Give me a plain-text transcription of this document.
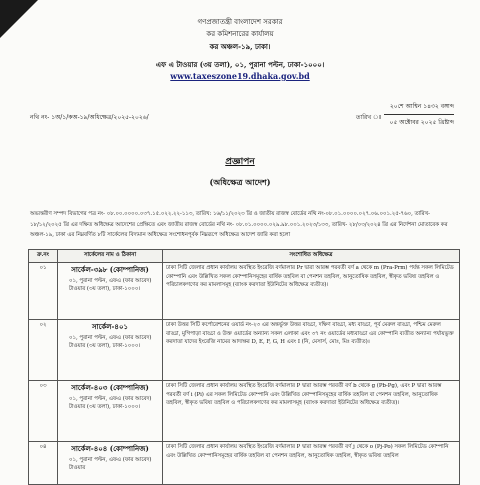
গণপ্রজাতন্ত্রী বাংলাদেশ সরকার
কর কমিশনারের কার্যালয়
কর অঞ্চল-১৯, ঢাকা।
এফ এ টাওয়ার (৩য় তলা), ০১, পুরানা পল্টন, ঢাকা-১০০০।
www.taxeszone19.dhaka.gov.bd
২০শে আশ্বিন ১৪৩২ বঙ্গাব্দ
০৫ অক্টোবর ২০২৫ খ্রিষ্টাব্দ
নথি নং- ১অ/১/কঅ-১৯/অধিক্ষেত্র/২০২৫-২০২৬/	তারিখ ঃ
প্রজ্ঞাপন
(অধিক্ষেত্র আদেশ)
অভ্যন্তরীণ সম্পদ বিভাগের পত্র নং- ০৮.০০.০০০০.০৩৭.১৫.০২২.২২-১১৩, তারিখ: ১৬/১১/২০২৩ খ্রি ও জাতীয় রাজস্ব বোর্ডের নথি নং-০৮.০১.০০০০.০২৭.০৬.০০১.২৫-৭৬০, তারিখ- ১৮/১২/২০২৫ খ্রি এর দক্ষিত অধিক্ষেত্র আদেশের প্রেক্ষিতে এবং জাতীয় রাজস্ব বোর্ডের নথি নং- ০৮.০১.০০০০.০২৯.৯৮.০০১.২০২৩/১৩৩, তারিখ- ২৮/০৩/২০২৪ খ্রি এর নির্দেশনা মোতাবেক কর অঞ্চল-১৯, ঢাকা এর নিম্নবর্ণিত ৮টি সার্কেলের বিদ্যমান অধিক্ষেত্র সংশোধনপূর্বক নিম্নরূপে অধিক্ষেত্র আদেশ জারি করা হলো
ক্র.নং	সার্কেলের নাম ও ঠিকানা	সংশোধিত অধিক্ষেত্র
০১	সার্কেল-৩৯৮ (কোম্পানিজ)
০১, পুরানা পল্টন, এফএ (ফার আবেদ) টাওয়ার (৩য় তলা), ঢাকা-১০০০।	ঢাকা সিটি জেলার প্রধান কার্যালয় অবস্থিত ইংরেজি বর্ণমালার Pr দ্বারা আরম্ভ পরবর্তী বর্ণ a থেকে m (Pra-Prm) পর্যন্ত সকল লিমিটেড কোম্পানি এবং উল্লিখিত সকল কোম্পানিসমূহের বার্ষিক তহবিল বা পেনশন তহবিল, আনুতোষিক তহবিল, স্বীকৃত ভবিষ্য তহবিল ও পরিচালকগণের কর মামলাসমূহ (ব্যাংক করদাতা ইউনিটের অধিক্ষেত্র ব্যতীত)।
০২	সার্কেল-৪০১
০১, পুরানা পল্টন, এফএ (ফার আবেদ) টাওয়ার (৩য় তলা), ঢাকা-১০০০।	ঢাকা উত্তর সিটি কর্পোরেশনের ওয়ার্ড নং-২৩ এর অন্তর্ভুক্ত উত্তর বাড্ডা, দক্ষিণ বাড্ডা, মধ্য বাড্ডা, পূর্ব মেরুল বাড্ডা, পশ্চিম মেরুল বাড্ডা, মুগিপাড়া বাড্ডা ও উক্ত ওয়ার্ডের অন্যান্য সকল এলাকা এবং ৩৭ নং ওয়ার্ডের মধ্যবাড্ডা এর কোম্পানি ব্যতীত অন্যান্য পর্যায়ভুক্ত করদাতা যাদের ইংরেজি নামের আদ্যক্ষর D, E, F, G, H এবং I (নি, মেসার্স, মোঃ, মিঃ ব্যতীত)।
০৩	সার্কেল-৪০৩ (কোম্পানিজ)
০১, পুরানা পল্টন, এফএ (ফার আবেদ) টাওয়ার (৩য় তলা), ঢাকা-১০০০।	ঢাকা সিটি জেলার প্রধান কার্যালয় অবস্থিত ইংরেজি বর্ণমালার P দ্বারা আরম্ভ পরবর্তী বর্ণ b থেকে g (Pb-Pg), এবং P দ্বারা আরম্ভ পরবর্তী বর্ণ i (Pi) এর সকল লিমিটেড কোম্পানি এবং উল্লিখিত কোম্পানিসমূহের বার্ষিক তহবিল বা পেনশন তহবিল, আনুতোষিক তহবিল, স্বীকৃত ভবিষ্য তহবিল ও পরিচালকগণের কর মামলাসমূহ (ব্যাংক করদাতা ইউনিটের অধিক্ষেত্র ব্যতীত)।
০৪	সার্কেল-৪০৪ (কোম্পানিজ)
০১, পুরানা পল্টন, এফএ (ফার আবেদ) টাওয়ার	ঢাকা সিটি জেলার প্রধান কার্যালয় অবস্থিত ইংরেজি বর্ণমালার P দ্বারা আরম্ভ পরবর্তী বর্ণ j থেকে o (Pj-Po) সকল লিমিটেড কোম্পানি এবং উল্লিখিত কোম্পানিসমূহের বার্ষিক তহবিল বা পেনশন তহবিল, আনুতোষিক তহবিল, স্বীকৃত ভবিষ্য তহবিল
